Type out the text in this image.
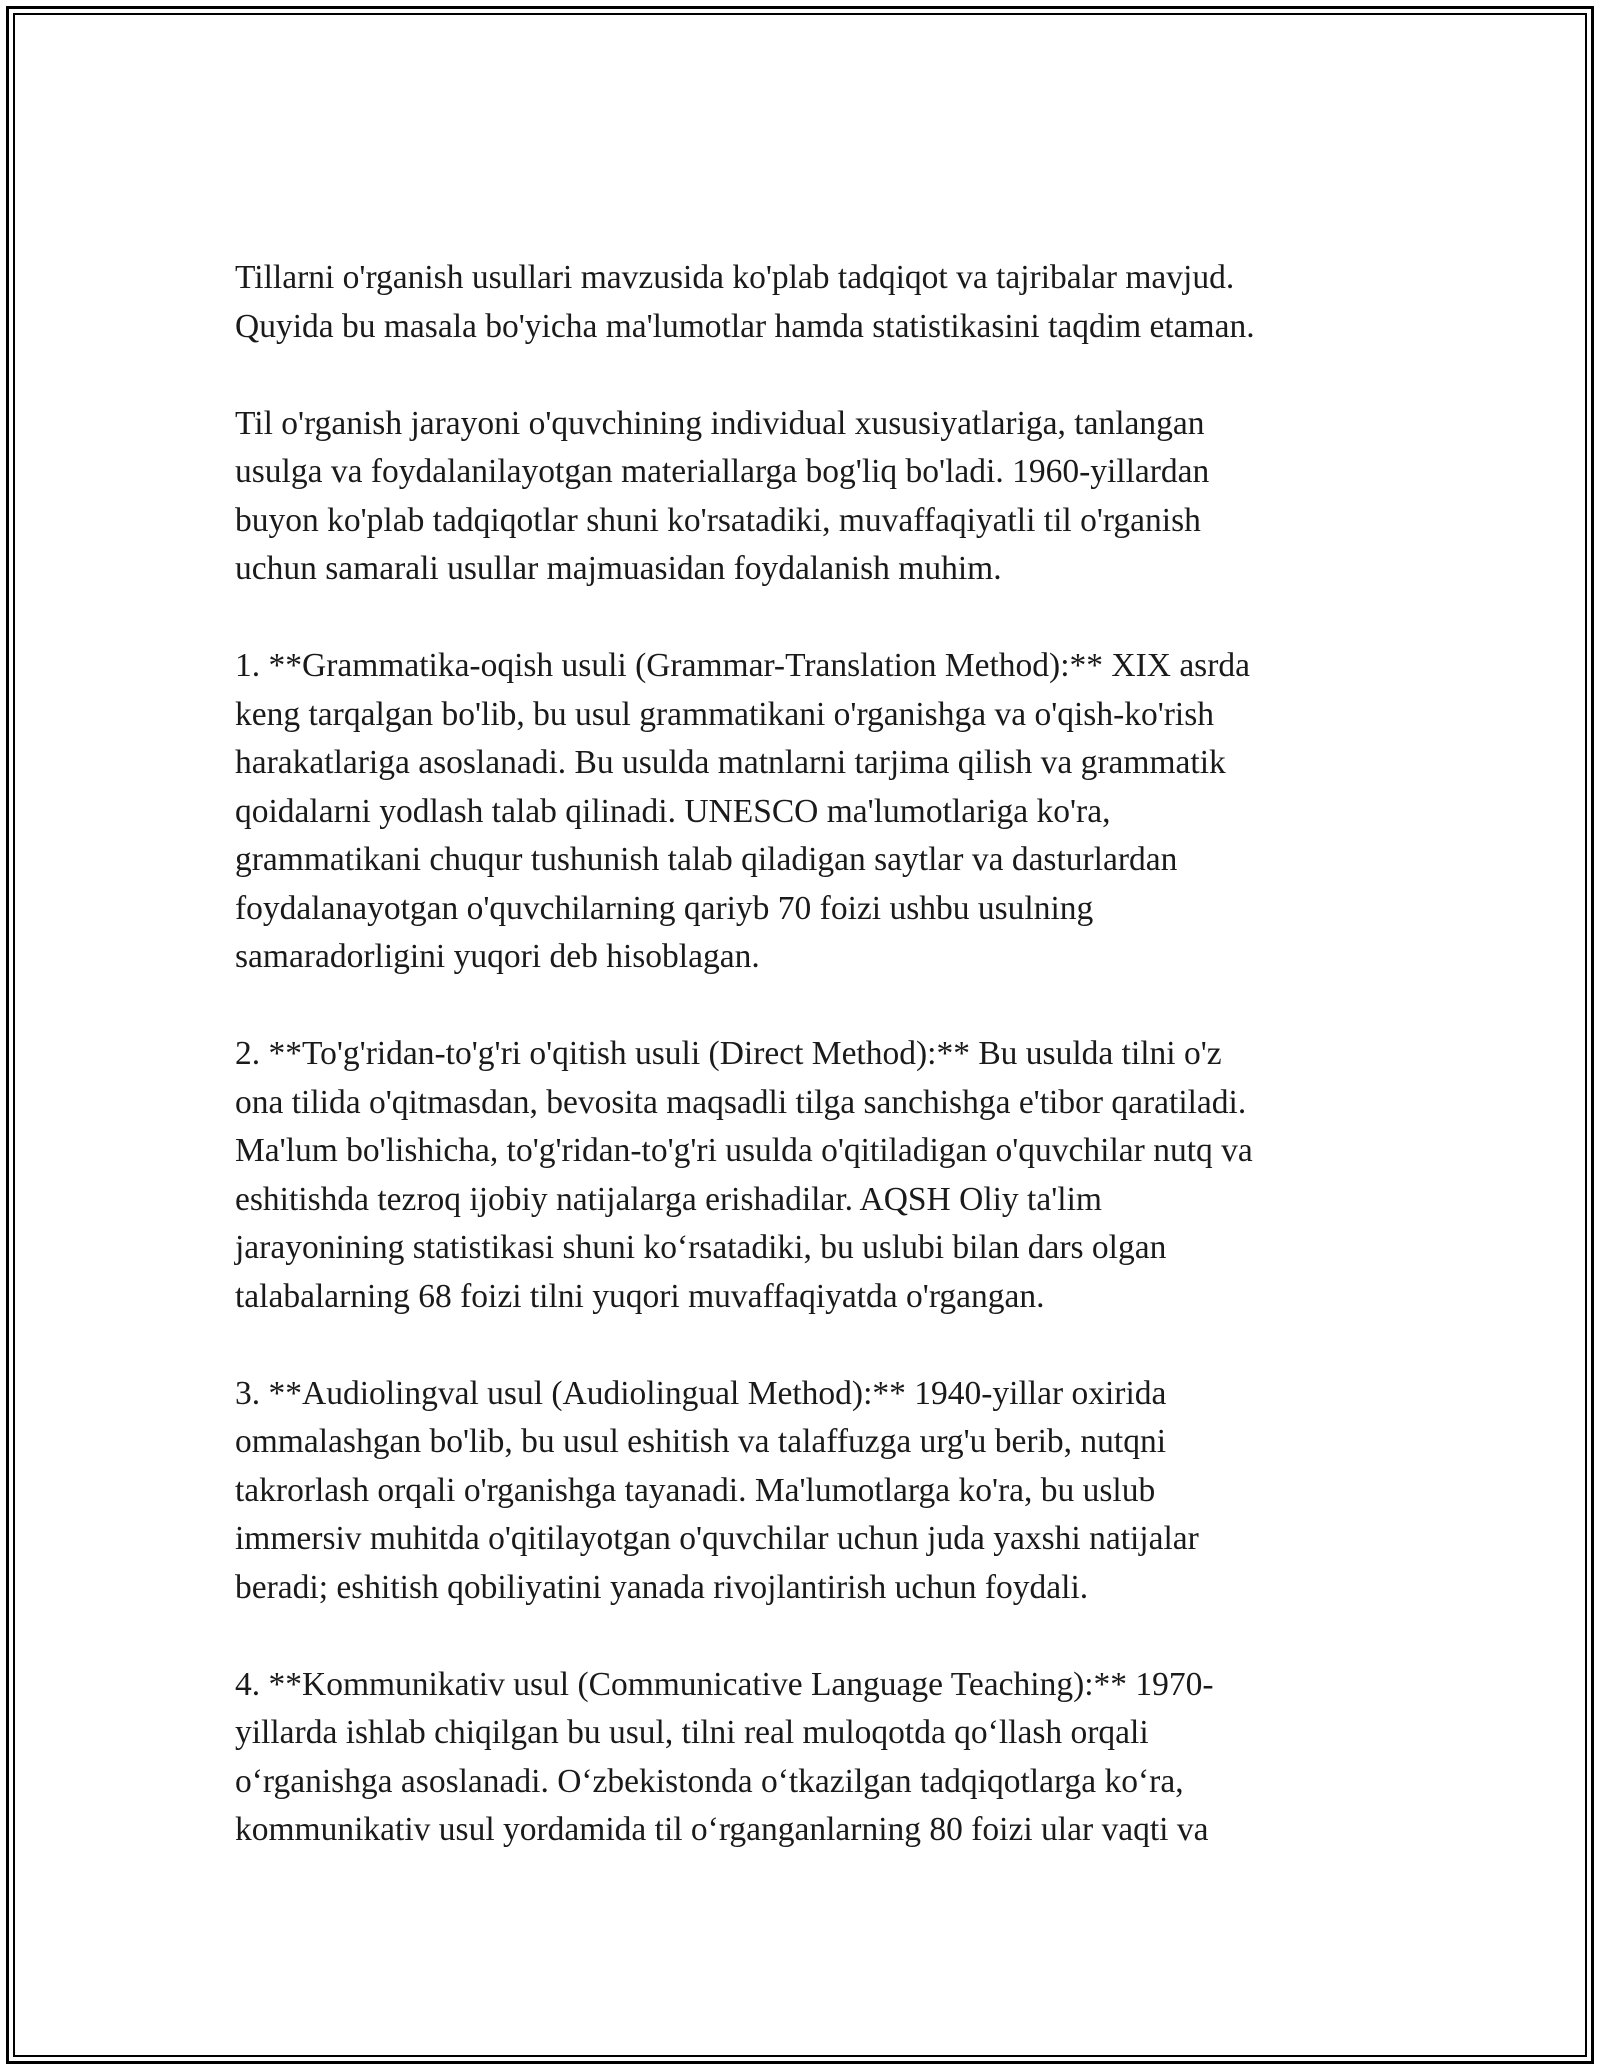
Tillarni o'rganish usullari mavzusida ko'plab tadqiqot va tajribalar mavjud.
Quyida bu masala bo'yicha ma'lumotlar hamda statistikasini taqdim etaman.
Til o'rganish jarayoni o'quvchining individual xususiyatlariga, tanlangan
usulga va foydalanilayotgan materiallarga bog'liq bo'ladi. 1960-yillardan
buyon ko'plab tadqiqotlar shuni ko'rsatadiki, muvaffaqiyatli til o'rganish
uchun samarali usullar majmuasidan foydalanish muhim.
1. **Grammatika-oqish usuli (Grammar-Translation Method):** XIX asrda
keng tarqalgan bo'lib, bu usul grammatikani o'rganishga va o'qish-ko'rish
harakatlariga asoslanadi. Bu usulda matnlarni tarjima qilish va grammatik
qoidalarni yodlash talab qilinadi. UNESCO ma'lumotlariga ko'ra,
grammatikani chuqur tushunish talab qiladigan saytlar va dasturlardan
foydalanayotgan o'quvchilarning qariyb 70 foizi ushbu usulning
samaradorligini yuqori deb hisoblagan.
2. **To'g'ridan-to'g'ri o'qitish usuli (Direct Method):** Bu usulda tilni o'z
ona tilida o'qitmasdan, bevosita maqsadli tilga sanchishga e'tibor qaratiladi.
Ma'lum bo'lishicha, to'g'ridan-to'g'ri usulda o'qitiladigan o'quvchilar nutq va
eshitishda tezroq ijobiy natijalarga erishadilar. AQSH Oliy ta'lim
jarayonining statistikasi shuni ko‘rsatadiki, bu uslubi bilan dars olgan
talabalarning 68 foizi tilni yuqori muvaffaqiyatda o'rgangan.
3. **Audiolingval usul (Audiolingual Method):** 1940-yillar oxirida
ommalashgan bo'lib, bu usul eshitish va talaffuzga urg'u berib, nutqni
takrorlash orqali o'rganishga tayanadi. Ma'lumotlarga ko'ra, bu uslub
immersiv muhitda o'qitilayotgan o'quvchilar uchun juda yaxshi natijalar
beradi; eshitish qobiliyatini yanada rivojlantirish uchun foydali.
4. **Kommunikativ usul (Communicative Language Teaching):** 1970-
yillarda ishlab chiqilgan bu usul, tilni real muloqotda qo‘llash orqali
o‘rganishga asoslanadi. O‘zbekistonda o‘tkazilgan tadqiqotlarga ko‘ra,
kommunikativ usul yordamida til o‘rganganlarning 80 foizi ular vaqti va
